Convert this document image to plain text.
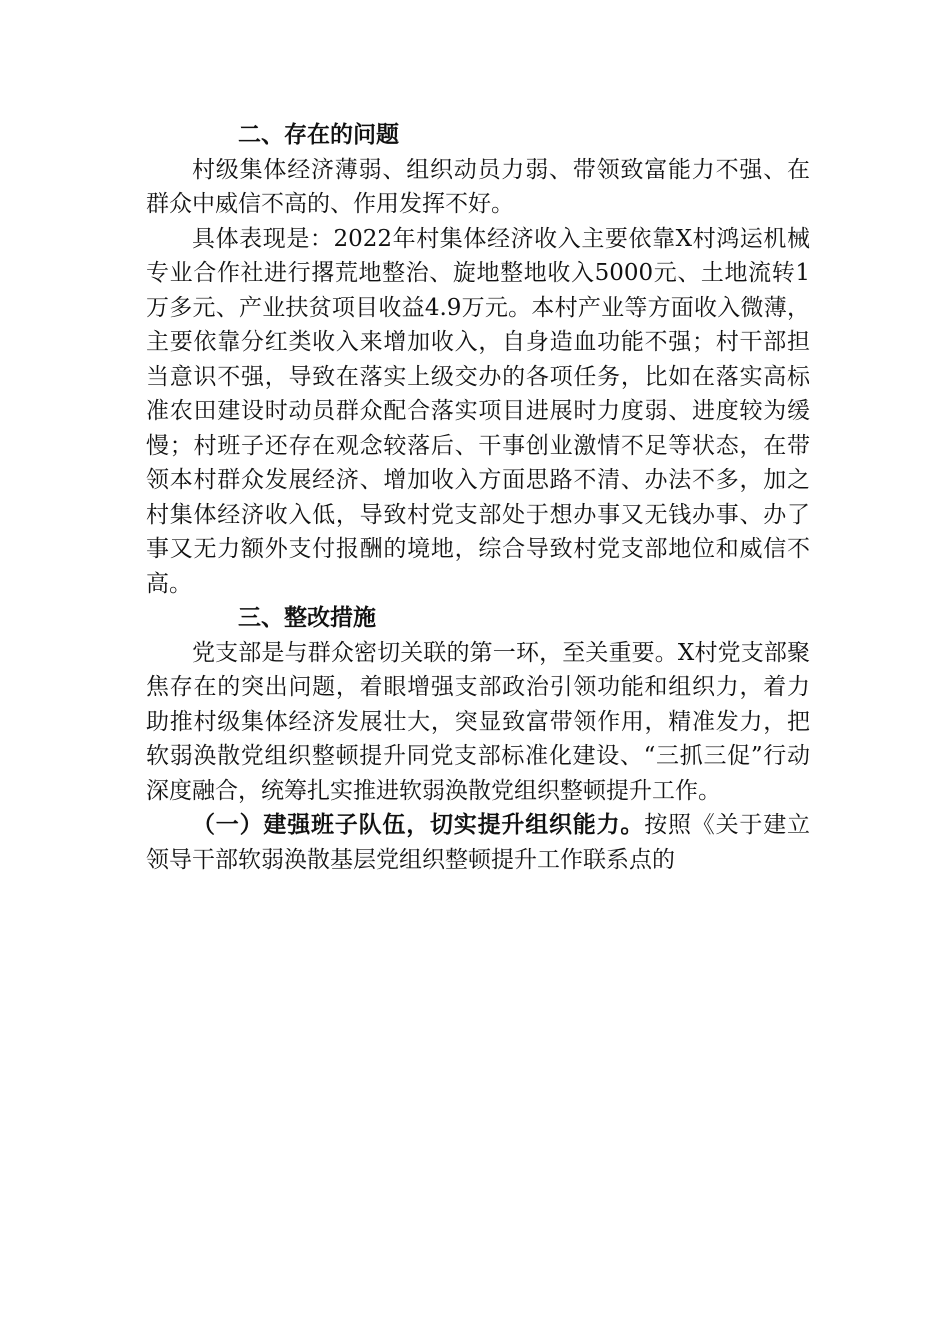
二、存在的问题

村级集体经济薄弱、组织动员力弱、带领致富能力不强、在群众中威信不高的、作用发挥不好。

具体表现是：2022年村集体经济收入主要依靠X村鸿运机械专业合作社进行撂荒地整治、旋地整地收入5000元、土地流转1万多元、产业扶贫项目收益4.9万元。本村产业等方面收入微薄，主要依靠分红类收入来增加收入，自身造血功能不强；村干部担当意识不强，导致在落实上级交办的各项任务，比如在落实高标准农田建设时动员群众配合落实项目进展时力度弱、进度较为缓慢；村班子还存在观念较落后、干事创业激情不足等状态，在带领本村群众发展经济、增加收入方面思路不清、办法不多，加之村集体经济收入低，导致村党支部处于想办事又无钱办事、办了事又无力额外支付报酬的境地，综合导致村党支部地位和威信不高。

三、整改措施

党支部是与群众密切关联的第一环，至关重要。X村党支部聚焦存在的突出问题，着眼增强支部政治引领功能和组织力，着力助推村级集体经济发展壮大，突显致富带领作用，精准发力，把软弱涣散党组织整顿提升同党支部标准化建设、“三抓三促”行动深度融合，统筹扎实推进软弱涣散党组织整顿提升工作。

（一）建强班子队伍，切实提升组织能力。按照《关于建立领导干部软弱涣散基层党组织整顿提升工作联系点的
